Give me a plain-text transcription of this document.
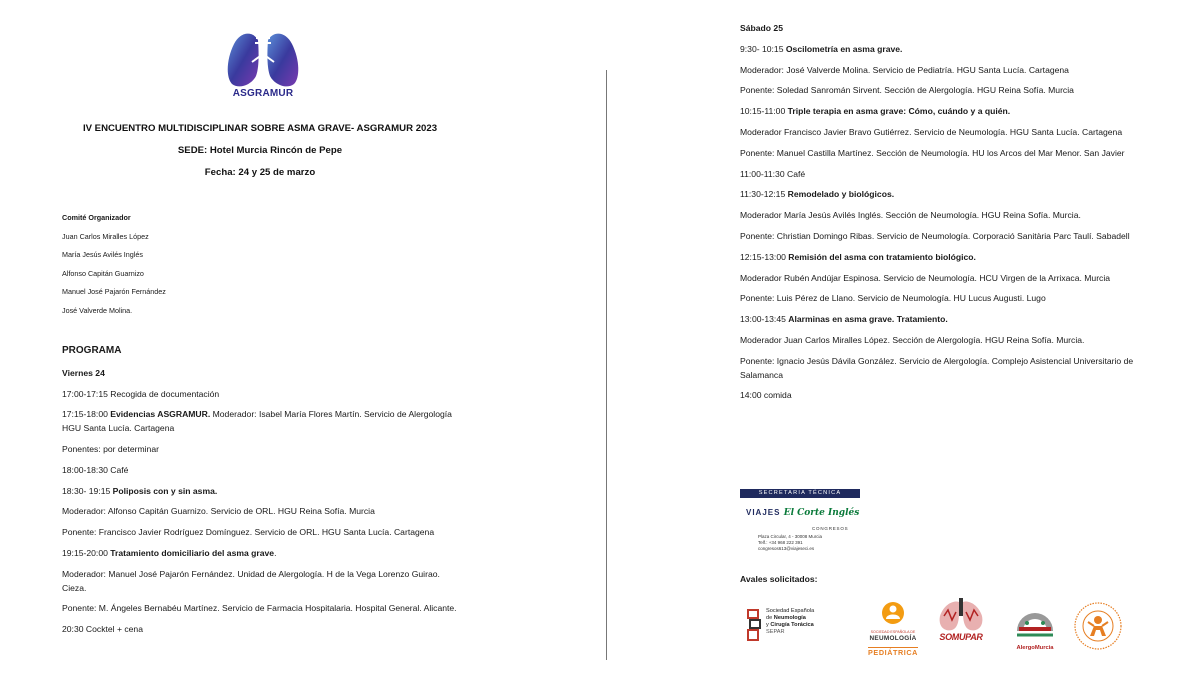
ASGRAMUR
IV ENCUENTRO MULTIDISCIPLINAR SOBRE ASMA GRAVE- ASGRAMUR 2023
SEDE: Hotel Murcia Rincón de Pepe
Fecha: 24 y 25 de marzo
Comité Organizador
Juan Carlos Miralles López
María Jesús Avilés Inglés
Alfonso Capitán Guarnizo
Manuel José Pajarón Fernández
José Valverde Molina.
PROGRAMA
Viernes 24
17:00-17:15 Recogida de documentación
17:15-18:00 Evidencias ASGRAMUR. Moderador: Isabel María Flores Martín. Servicio de Alergología HGU Santa Lucía. Cartagena
Ponentes: por determinar
18:00-18:30 Café
18:30- 19:15 Poliposis con y sin asma.
Moderador: Alfonso Capitán Guarnizo. Servicio de ORL. HGU Reina Sofía. Murcia
Ponente: Francisco Javier Rodríguez Domínguez. Servicio de ORL. HGU Santa Lucía. Cartagena
19:15-20:00 Tratamiento domiciliario del asma grave.
Moderador: Manuel José Pajarón Fernández. Unidad de Alergología. H de la Vega Lorenzo Guirao. Cieza.
Ponente: M. Ángeles Bernabéu Martínez. Servicio de Farmacia Hospitalaria. Hospital General. Alicante.
20:30 Cocktel + cena
Sábado 25
9:30- 10:15 Oscilometría en asma grave.
Moderador: José Valverde Molina. Servicio de Pediatría. HGU Santa Lucía. Cartagena
Ponente: Soledad Sanromán Sirvent. Sección de Alergología. HGU Reina Sofía. Murcia
10:15-11:00 Triple terapia en asma grave: Cómo, cuándo y a quién.
Moderador Francisco Javier Bravo Gutiérrez. Servicio de Neumología. HGU Santa Lucía. Cartagena
Ponente: Manuel Castilla Martínez. Sección de Neumología. HU los Arcos del Mar Menor. San Javier
11:00-11:30 Café
11:30-12:15 Remodelado y biológicos.
Moderador María Jesús Avilés Inglés. Sección de Neumología. HGU Reina Sofía. Murcia.
Ponente: Christian Domingo Ribas. Servicio de Neumología. Corporació Sanitària Parc Taulí. Sabadell
12:15-13:00 Remisión del asma con tratamiento biológico.
Moderador Rubén Andújar Espinosa. Servicio de Neumología. HCU Virgen de la Arrixaca. Murcia
Ponente: Luis Pérez de Llano. Servicio de Neumología. HU Lucus Augusti. Lugo
13:00-13:45 Alarminas en asma grave. Tratamiento.
Moderador Juan Carlos Miralles López. Sección de Alergología. HGU Reina Sofía. Murcia.
Ponente: Ignacio Jesús Dávila González. Servicio de Alergología. Complejo Asistencial Universitario de Salamanca
14:00 comida
SECRETARIA TÉCNICA
VIAJES El Corte Inglés
CONGRESOS
Plaza Circular, 4 - 30008 Murcia
Telf.: +34 968 222 391
congresos613@viajeseci.es
Avales solicitados:
Sociedad Española
de Neumología
y Cirugía Torácica
SEPAR	SOCIEDAD ESPAÑOLA DE
NEUMOLOGÍA
PEDIÁTRICA
SOMUPAR
AlergoMurcia
